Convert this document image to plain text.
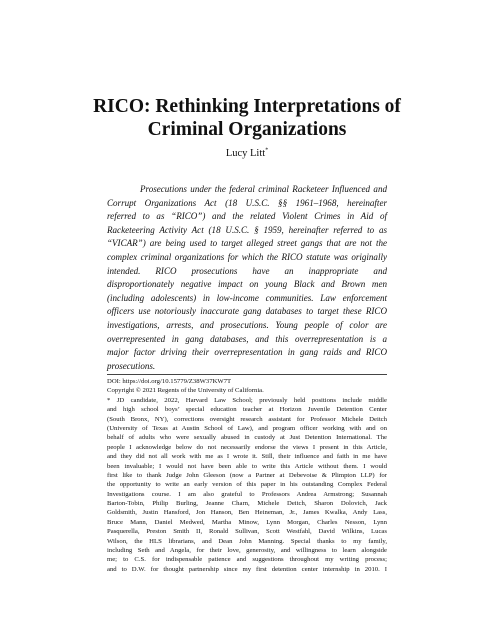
RICO: Rethinking Interpretations of Criminal Organizations
Lucy Litt*
Prosecutions under the federal criminal Racketeer Influenced and
Corrupt Organizations Act (18 U.S.C. §§ 1961–1968, hereinafter
referred to as “RICO”) and the related Violent Crimes in Aid of
Racketeering Activity Act (18 U.S.C. § 1959, hereinafter referred to as
“VICAR”) are being used to target alleged street gangs that are not the
complex criminal organizations for which the RICO statute was originally
intended. RICO prosecutions have an inappropriate and
disproportionately negative impact on young Black and Brown men
(including adolescents) in low-income communities. Law enforcement
officers use notoriously inaccurate gang databases to target these RICO
investigations, arrests, and prosecutions. Young people of color are
overrepresented in gang databases, and this overrepresentation is a
major factor driving their overrepresentation in gang raids and RICO
prosecutions.
DOI: https://doi.org/10.15779/Z38W37KW7T
Copyright © 2021 Regents of the University of California.
* JD candidate, 2022, Harvard Law School; previously held positions include middle
and high school boys’ special education teacher at Horizon Juvenile Detention Center
(South Bronx, NY), corrections oversight research assistant for Professor Michele Deitch
(University of Texas at Austin School of Law), and program officer working with and on
behalf of adults who were sexually abused in custody at Just Detention International. The
people I acknowledge below do not necessarily endorse the views I present in this Article,
and they did not all work with me as I wrote it. Still, their influence and faith in me have
been invaluable; I would not have been able to write this Article without them. I would
first like to thank Judge John Gleeson (now a Partner at Debevoise & Plimpton LLP) for
the opportunity to write an early version of this paper in his outstanding Complex Federal
Investigations course. I am also grateful to Professors Andrea Armstrong; Susannah
Barton-Tobin, Philip Burling, Jeanne Charn, Michele Deitch, Sharon Dolovich, Jack
Goldsmith, Justin Hansford, Jon Hanson, Ben Heineman, Jr., James Kwalka, Andy Lass,
Bruce Mann, Daniel Medwed, Martha Minow, Lynn Morgan, Charles Nesson, Lynn
Pasquerella, Preston Smith II, Ronald Sullivan, Scott Westfahl, David Wilkins, Lucas
Wilson, the HLS librarians, and Dean John Manning. Special thanks to my family,
including Seth and Angela, for their love, generosity, and willingness to learn alongside
me; to C.S. for indispensable patience and suggestions throughout my writing process;
and to D.W. for thought partnership since my first detention center internship in 2010. I
